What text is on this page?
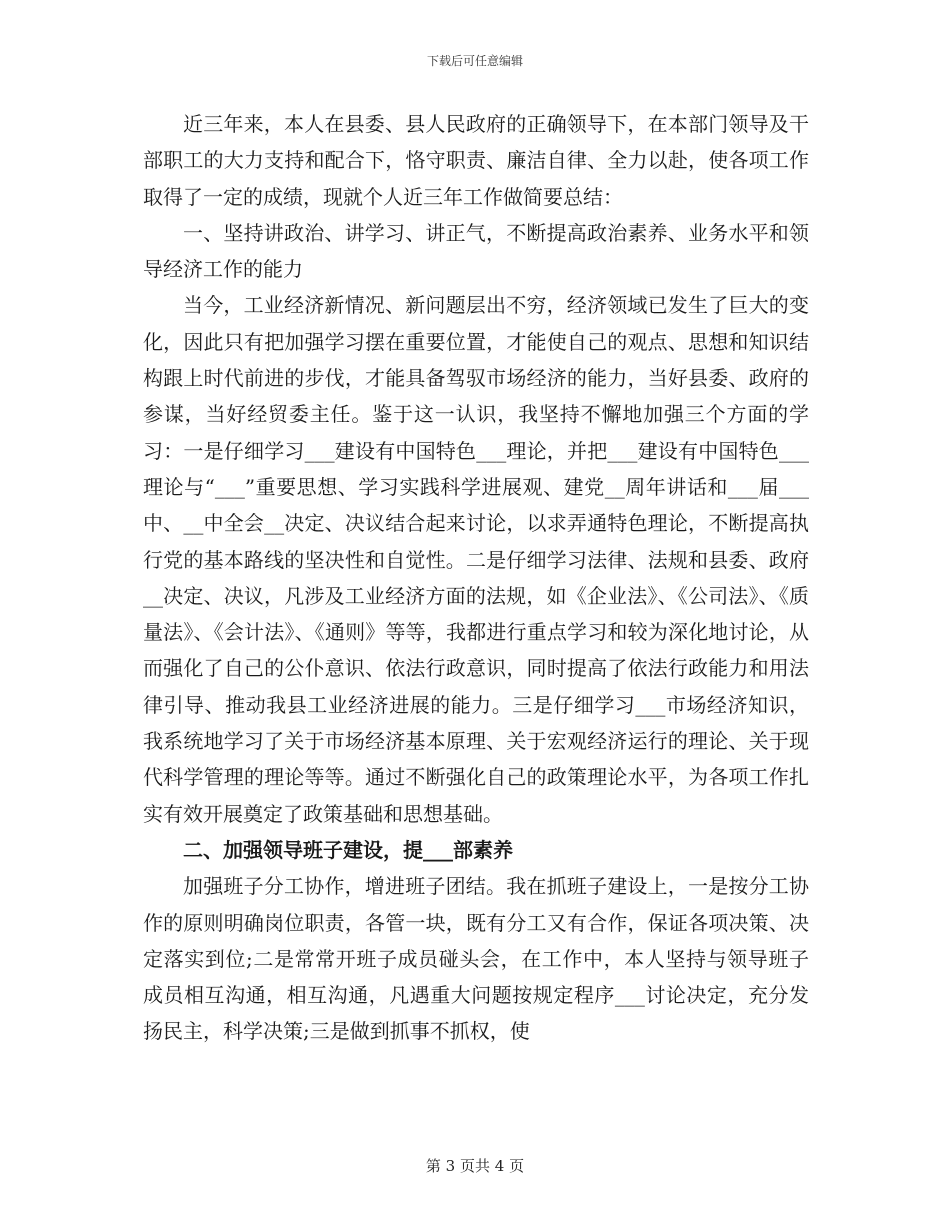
下载后可任意编辑

近三年来，本人在县委、县人民政府的正确领导下，在本部门领导及干部职工的大力支持和配合下，恪守职责、廉洁自律、全力以赴，使各项工作取得了一定的成绩，现就个人近三年工作做简要总结：

一、坚持讲政治、讲学习、讲正气，不断提高政治素养、业务水平和领导经济工作的能力

当今，工业经济新情况、新问题层出不穷，经济领域已发生了巨大的变化，因此只有把加强学习摆在重要位置，才能使自己的观点、思想和知识结构跟上时代前进的步伐，才能具备驾驭市场经济的能力，当好县委、政府的参谋，当好经贸委主任。鉴于这一认识，我坚持不懈地加强三个方面的学习：一是仔细学习___建设有中国特色___理论，并把___建设有中国特色___理论与“___”重要思想、学习实践科学进展观、建党__周年讲话和___届___中、__中全会__决定、决议结合起来讨论，以求弄通特色理论，不断提高执行党的基本路线的坚决性和自觉性。二是仔细学习法律、法规和县委、政府__决定、决议，凡涉及工业经济方面的法规，如《企业法》、《公司法》、《质量法》、《会计法》、《通则》等等，我都进行重点学习和较为深化地讨论，从而强化了自己的公仆意识、依法行政意识，同时提高了依法行政能力和用法律引导、推动我县工业经济进展的能力。三是仔细学习___市场经济知识，我系统地学习了关于市场经济基本原理、关于宏观经济运行的理论、关于现代科学管理的理论等等。通过不断强化自己的政策理论水平，为各项工作扎实有效开展奠定了政策基础和思想基础。

二、加强领导班子建设，提___部素养

加强班子分工协作，增进班子团结。我在抓班子建设上，一是按分工协作的原则明确岗位职责，各管一块，既有分工又有合作，保证各项决策、决定落实到位;二是常常开班子成员碰头会，在工作中，本人坚持与领导班子成员相互沟通，相互沟通，凡遇重大问题按规定程序___讨论决定，充分发扬民主，科学决策;三是做到抓事不抓权，使

第 3 页共 4 页
